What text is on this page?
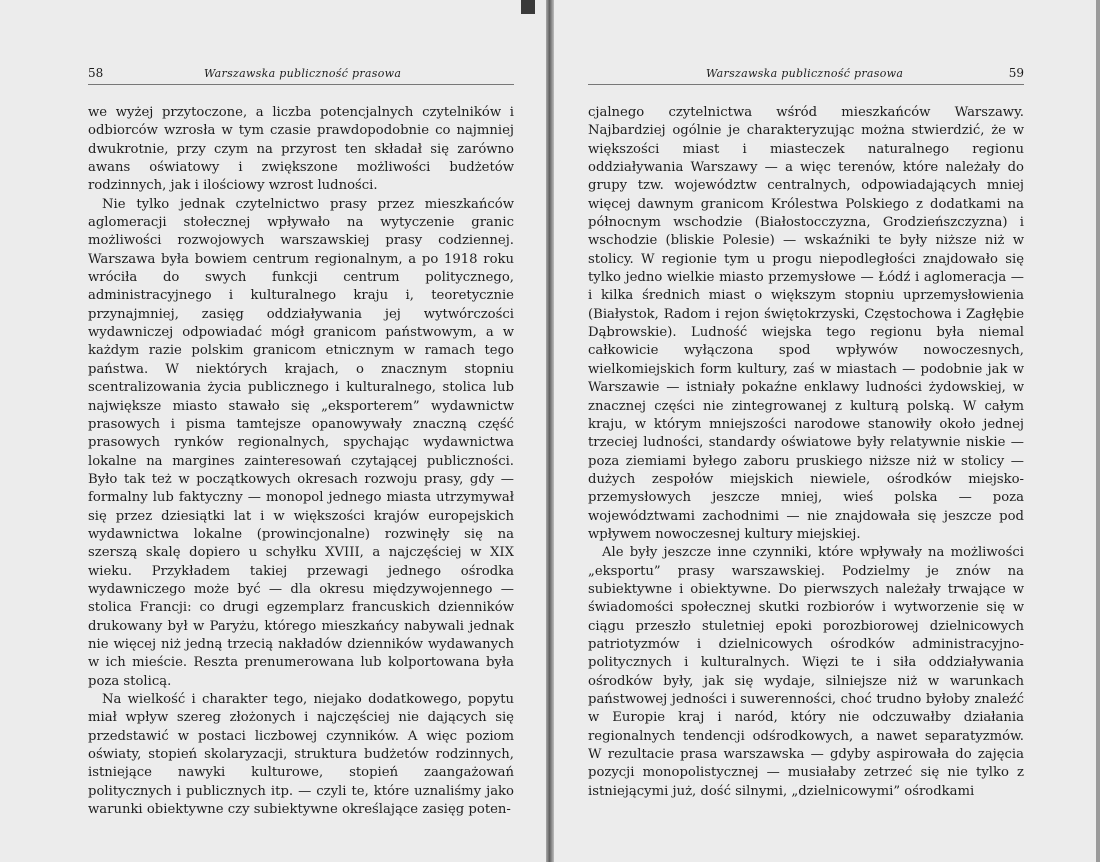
58	Warszawska publiczność prasowa

we wyżej przytoczone, a liczba potencjalnych czytelników i odbiorców wzrosła w tym czasie prawdopodobnie co najmniej dwukrotnie, przy czym na przyrost ten składał się zarówno awans oświatowy i zwiększone możliwości budżetów rodzinnych, jak i ilościowy wzrost ludności.

Nie tylko jednak czytelnictwo prasy przez mieszkańców aglomeracji stołecznej wpływało na wytyczenie granic możliwości rozwojowych warszawskiej prasy codziennej. Warszawa była bowiem centrum regionalnym, a po 1918 roku wróciła do swych funkcji centrum politycznego, administracyjnego i kulturalnego kraju i, teoretycznie przynajmniej, zasięg oddziaływania jej wytwórczości wydawniczej odpowiadać mógł granicom państwowym, a w każdym razie polskim granicom etnicznym w ramach tego państwa. W niektórych krajach, o znacznym stopniu scentralizowania życia publicznego i kulturalnego, stolica lub największe miasto stawało się „eksporterem” wydawnictw prasowych i pisma tamtejsze opanowywały znaczną część prasowych rynków regionalnych, spychając wydawnictwa lokalne na margines zainteresowań czytającej publiczności. Było tak też w początkowych okresach rozwoju prasy, gdy — formalny lub faktyczny — monopol jednego miasta utrzymywał się przez dziesiątki lat i w większości krajów europejskich wydawnictwa lokalne (prowincjonalne) rozwinęły się na szerszą skalę dopiero u schyłku XVIII, a najczęściej w XIX wieku. Przykładem takiej przewagi jednego ośrodka wydawniczego może być — dla okresu międzywojennego — stolica Francji: co drugi egzemplarz francuskich dzienników drukowany był w Paryżu, którego mieszkańcy nabywali jednak nie więcej niż jedną trzecią nakładów dzienników wydawanych w ich mieście. Reszta prenumerowana lub kolportowana była poza stolicą.

Na wielkość i charakter tego, niejako dodatkowego, popytu miał wpływ szereg złożonych i najczęściej nie dających się przedstawić w postaci liczbowej czynników. A więc poziom oświaty, stopień skolaryzacji, struktura budżetów rodzinnych, istniejące nawyki kulturowe, stopień zaangażowań politycznych i publicznych itp. — czyli te, które uznaliśmy jako warunki obiektywne czy subiektywne określające zasięg poten-

Warszawska publiczność prasowa	59

cjalnego czytelnictwa wśród mieszkańców Warszawy. Najbardziej ogólnie je charakteryzując można stwierdzić, że w większości miast i miasteczek naturalnego regionu oddziaływania Warszawy — a więc terenów, które należały do grupy tzw. województw centralnych, odpowiadających mniej więcej dawnym granicom Królestwa Polskiego z dodatkami na północnym wschodzie (Białostocczyzna, Grodzieńszczyzna) i wschodzie (bliskie Polesie) — wskaźniki te były niższe niż w stolicy. W regionie tym u progu niepodległości znajdowało się tylko jedno wielkie miasto przemysłowe — Łódź i aglomeracja — i kilka średnich miast o większym stopniu uprzemysłowienia (Białystok, Radom i rejon świętokrzyski, Częstochowa i Zagłębie Dąbrowskie). Ludność wiejska tego regionu była niemal całkowicie wyłączona spod wpływów nowoczesnych, wielkomiejskich form kultury, zaś w miastach — podobnie jak w Warszawie — istniały pokaźne enklawy ludności żydowskiej, w znacznej części nie zintegrowanej z kulturą polską. W całym kraju, w którym mniejszości narodowe stanowiły około jednej trzeciej ludności, standardy oświatowe były relatywnie niskie — poza ziemiami byłego zaboru pruskiego niższe niż w stolicy — dużych zespołów miejskich niewiele, ośrodków miejsko-przemysłowych jeszcze mniej, wieś polska — poza województwami zachodnimi — nie znajdowała się jeszcze pod wpływem nowoczesnej kultury miejskiej.

Ale były jeszcze inne czynniki, które wpływały na możliwości „eksportu” prasy warszawskiej. Podzielmy je znów na subiektywne i obiektywne. Do pierwszych należały trwające w świadomości społecznej skutki rozbiorów i wytworzenie się w ciągu przeszło stuletniej epoki porozbiorowej dzielnicowych patriotyzmów i dzielnicowych ośrodków administracyjno-politycznych i kulturalnych. Więzi te i siła oddziaływania ośrodków były, jak się wydaje, silniejsze niż w warunkach państwowej jedności i suwerenności, choć trudno byłoby znaleźć w Europie kraj i naród, który nie odczuwałby działania regionalnych tendencji odśrodkowych, a nawet separatyzmów. W rezultacie prasa warszawska — gdyby aspirowała do zajęcia pozycji monopolistycznej — musiałaby zetrzeć się nie tylko z istniejącymi już, dość silnymi, „dzielnicowymi” ośrodkami
